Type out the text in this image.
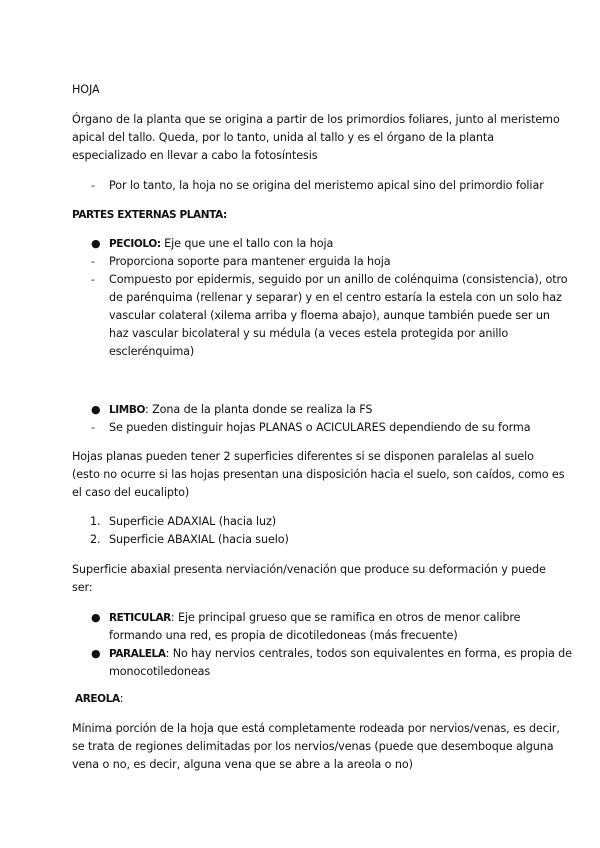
HOJA
Órgano de la planta que se origina a partir de los primordios foliares, junto al meristemo
apical del tallo. Queda, por lo tanto, unida al tallo y es el órgano de la planta
especializado en llevar a cabo la fotosíntesis
- Por lo tanto, la hoja no se origina del meristemo apical sino del primordio foliar
PARTES EXTERNAS PLANTA:
● PECIOLO: Eje que une el tallo con la hoja
- Proporciona soporte para mantener erguida la hoja
- Compuesto por epidermis, seguido por un anillo de colénquima (consistencia), otro
de parénquima (rellenar y separar) y en el centro estaría la estela con un solo haz
vascular colateral (xilema arriba y floema abajo), aunque también puede ser un
haz vascular bicolateral y su médula (a veces estela protegida por anillo
esclerénquima)
● LIMBO: Zona de la planta donde se realiza la FS
- Se pueden distinguir hojas PLANAS o ACICULARES dependiendo de su forma
Hojas planas pueden tener 2 superficies diferentes si se disponen paralelas al suelo
(esto no ocurre si las hojas presentan una disposición hacia el suelo, son caídos, como es
el caso del eucalipto)
1. Superficie ADAXIAL (hacia luz)
2. Superficie ABAXIAL (hacia suelo)
Superficie abaxial presenta nerviación/venación que produce su deformación y puede
ser:
● RETICULAR: Eje principal grueso que se ramifica en otros de menor calibre
formando una red, es propia de dicotiledoneas (más frecuente)
● PARALELA: No hay nervios centrales, todos son equivalentes en forma, es propia de
monocotiledoneas
AREOLA:
Mínima porción de la hoja que está completamente rodeada por nervios/venas, es decir,
se trata de regiones delimitadas por los nervios/venas (puede que desemboque alguna
vena o no, es decir, alguna vena que se abre a la areola o no)
